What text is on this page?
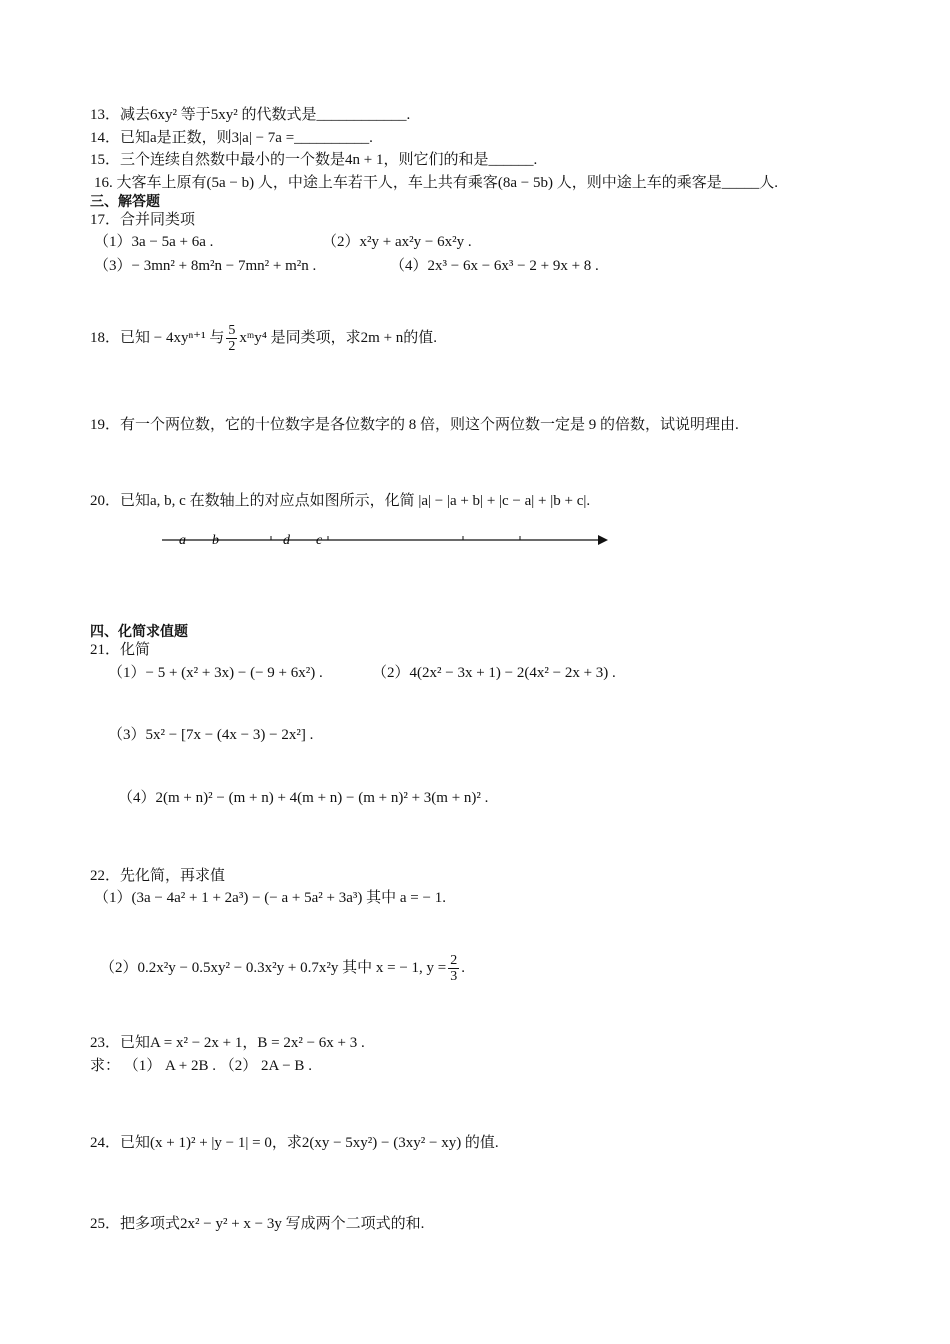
13．减去6xy² 等于5xy² 的代数式是____________.
14．已知a是正数，则3|a| − 7a =__________.
15．三个连续自然数中最小的一个数是4n + 1，则它们的和是______.
16. 大客车上原有(5a − b) 人，中途上车若干人，车上共有乘客(8a − 5b) 人，则中途上车的乘客是_____人.
三、解答题
17．合并同类项
（1）3a − 5a + 6a .	（2）x²y + ax²y − 6x²y .
（3）− 3mn² + 8m²n − 7mn² + m²n .	（4）2x³ − 6x − 6x³ − 2 + 9x + 8 .
18．已知 − 4xyⁿ⁺¹ 与 $\frac{5}{2}$ xᵐy⁴ 是同类项，求2m + n的值.
19．有一个两位数，它的十位数字是各位数字的 8 倍，则这个两位数一定是 9 的倍数，试说明理由.
20．已知a, b, c 在数轴上的对应点如图所示，化简 |a| − |a + b| + |c − a| + |b + c|.
a b	d c
四、化简求值题
21．化简
（1）− 5 + (x² + 3x) − (− 9 + 6x²) .	（2）4(2x² − 3x + 1) − 2(4x² − 2x + 3) .
（3）5x² − [7x − (4x − 3) − 2x²] .
（4）2(m + n)² − (m + n) + 4(m + n) − (m + n)² + 3(m + n)² .
22．先化简，再求值
（1）(3a − 4a² + 1 + 2a³) − (− a + 5a² + 3a³) 其中 a = − 1.
（2）0.2x²y − 0.5xy² − 0.3x²y + 0.7x²y 其中 x = − 1, $y = \frac{2}{3}$ .
23．已知A = x² − 2x + 1，B = 2x² − 6x + 3 .
求： （1） A + 2B . （2） 2A − B .
24．已知(x + 1)² + |y − 1| = 0，求2(xy − 5xy²) − (3xy² − xy) 的值.
25．把多项式2x² − y² + x − 3y 写成两个二项式的和.
